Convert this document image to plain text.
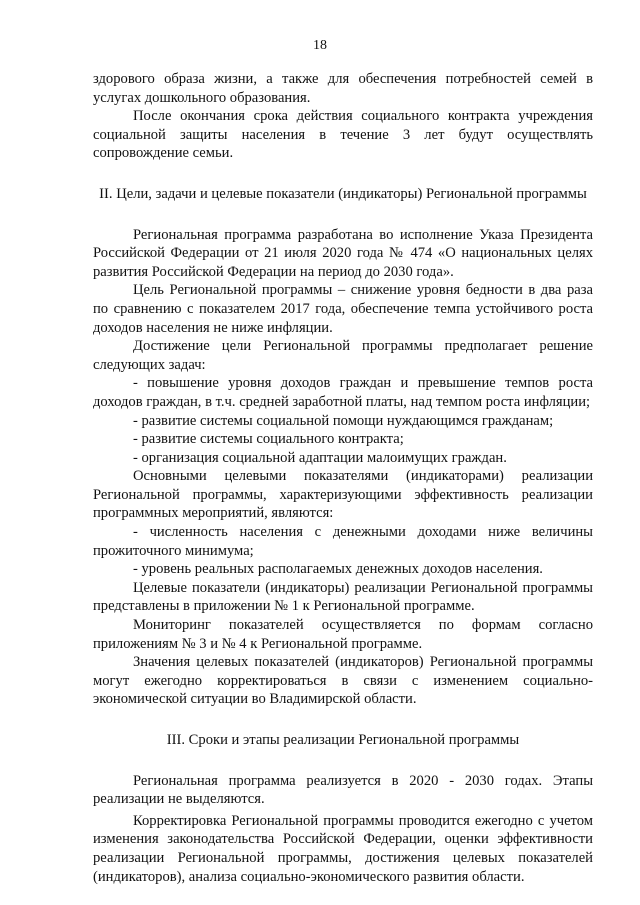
18

здорового образа жизни, а также для обеспечения потребностей семей в услугах дошкольного образования.

После окончания срока действия социального контракта учреждения социальной защиты населения в течение 3 лет будут осуществлять сопровождение семьи.

II. Цели, задачи и целевые показатели (индикаторы) Региональной программы

Региональная программа разработана во исполнение Указа Президента Российской Федерации от 21 июля 2020 года № 474 «О национальных целях развития Российской Федерации на период до 2030 года».

Цель Региональной программы – снижение уровня бедности в два раза по сравнению с показателем 2017 года, обеспечение темпа устойчивого роста доходов населения не ниже инфляции.

Достижение цели Региональной программы предполагает решение следующих задач:

- повышение уровня доходов граждан и превышение темпов роста доходов граждан, в т.ч. средней заработной платы, над темпом роста инфляции;

- развитие системы социальной помощи нуждающимся гражданам;

- развитие системы социального контракта;

- организация социальной адаптации малоимущих граждан.

Основными целевыми показателями (индикаторами) реализации Региональной программы, характеризующими эффективность реализации программных мероприятий, являются:

- численность населения с денежными доходами ниже величины прожиточного минимума;

- уровень реальных располагаемых денежных доходов населения.

Целевые показатели (индикаторы) реализации Региональной программы представлены в приложении № 1 к Региональной программе.

Мониторинг показателей осуществляется по формам согласно приложениям № 3 и № 4 к Региональной программе.

Значения целевых показателей (индикаторов) Региональной программы могут ежегодно корректироваться в связи с изменением социально-экономической ситуации во Владимирской области.

III. Сроки и этапы реализации Региональной программы

Региональная программа реализуется в 2020 - 2030 годах. Этапы реализации не выделяются.

Корректировка Региональной программы проводится ежегодно с учетом изменения законодательства Российской Федерации, оценки эффективности реализации Региональной программы, достижения целевых показателей (индикаторов), анализа социально-экономического развития области.
